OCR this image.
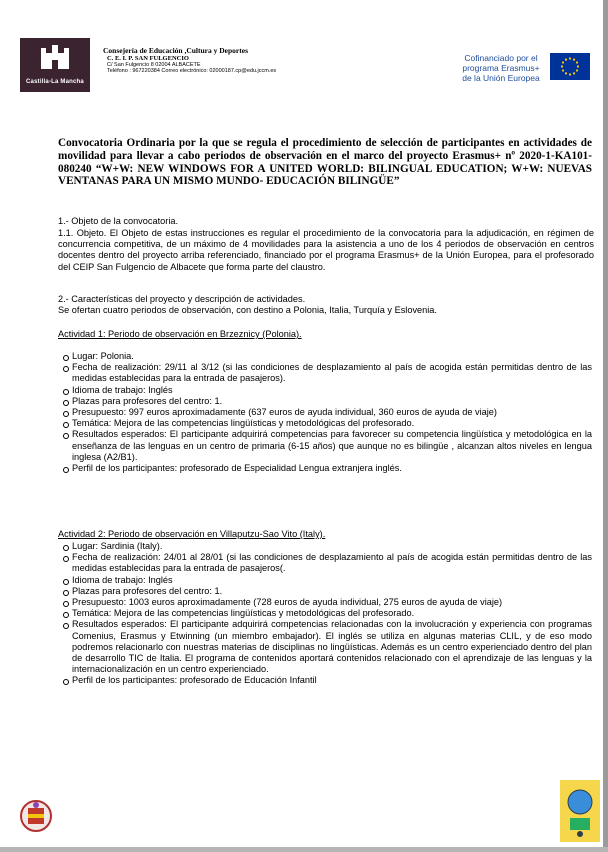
Castilla-La Mancha
Consejería de Educación ,Cultura y Deportes
C. E. I. P. SAN FULGENCIO
C/ San Fulgencio 8 02004 ALBACETE
Teléfono : 967220384 Correo electrónico: 02000187.cp@edu.jccm.es
Cofinanciado por el
programa Erasmus+
de la Unión Europea
Convocatoria Ordinaria por la que se regula el procedimiento de selección de participantes en actividades de movilidad para llevar a cabo periodos de observación en el marco del proyecto Erasmus+ nº 2020-1-KA101-080240 “W+W: NEW WINDOWS FOR A UNITED WORLD: BILINGUAL EDUCATION; W+W: NUEVAS VENTANAS PARA UN MISMO MUNDO- EDUCACIÓN BILINGÜE”
1.- Objeto de la convocatoria.
1.1. Objeto. El Objeto de estas instrucciones es regular el procedimiento de la convocatoria para la adjudicación, en régimen de concurrencia competitiva, de un máximo de 4 movilidades para la asistencia a uno de los 4 periodos de observación en centros docentes dentro del proyecto arriba referenciado, financiado por el programa Erasmus+ de la Unión Europea, para el profesorado del CEIP San Fulgencio de Albacete que forma parte del claustro.
2.- Características del proyecto y descripción de actividades.
Se ofertan cuatro periodos de observación, con destino a Polonia, Italia, Turquía y Eslovenia.
Actividad 1: Periodo de observación en Brzeznicy (Polonia).
Lugar: Polonia.
Fecha de realización: 29/11 al 3/12 (si las condiciones de desplazamiento al país de acogida están permitidas dentro de las medidas establecidas para la entrada de pasajeros).
Idioma de trabajo: Inglés
Plazas para profesores del centro: 1.
Presupuesto: 997 euros aproximadamente (637 euros de ayuda individual, 360 euros de ayuda de viaje)
Temática: Mejora de las competencias lingüísticas y metodológicas del profesorado.
Resultados esperados: El participante adquirirá competencias para favorecer su competencia lingüística y metodológica en la enseñanza de las lenguas en un centro de primaria (6-15 años) que aunque no es bilingüe , alcanzan altos niveles en lengua inglesa (A2/B1).
Perfil de los participantes: profesorado de Especialidad Lengua extranjera inglés.
Actividad 2: Periodo de observación en Villaputzu-Sao Vito (Italy).
Lugar: Sardinia (Italy).
Fecha de realización: 24/01 al 28/01 (si las condiciones de desplazamiento al país de acogida están permitidas dentro de las medidas establecidas para la entrada de pasajeros(.
Idioma de trabajo: Inglés
Plazas para profesores del centro: 1.
Presupuesto: 1003 euros aproximadamente (728 euros de ayuda individual, 275 euros de ayuda de viaje)
Temática: Mejora de las competencias lingüísticas y metodológicas del profesorado.
Resultados esperados: El participante adquirirá competencias relacionadas con la involucración y experiencia con programas Comenius, Erasmus y Etwinning (un miembro embajador). El inglés se utiliza en algunas materias CLIL, y de eso modo podremos relacionarlo con nuestras materias de disciplinas no lingüísticas. Además es un centro experienciado dentro del plan de desarrollo TIC de Italia. El programa de contenidos aportará contenidos relacionado con el aprendizaje de las lenguas y la internacionalización en un centro experienciado.
Perfil de los participantes: profesorado de Educación Infantil
